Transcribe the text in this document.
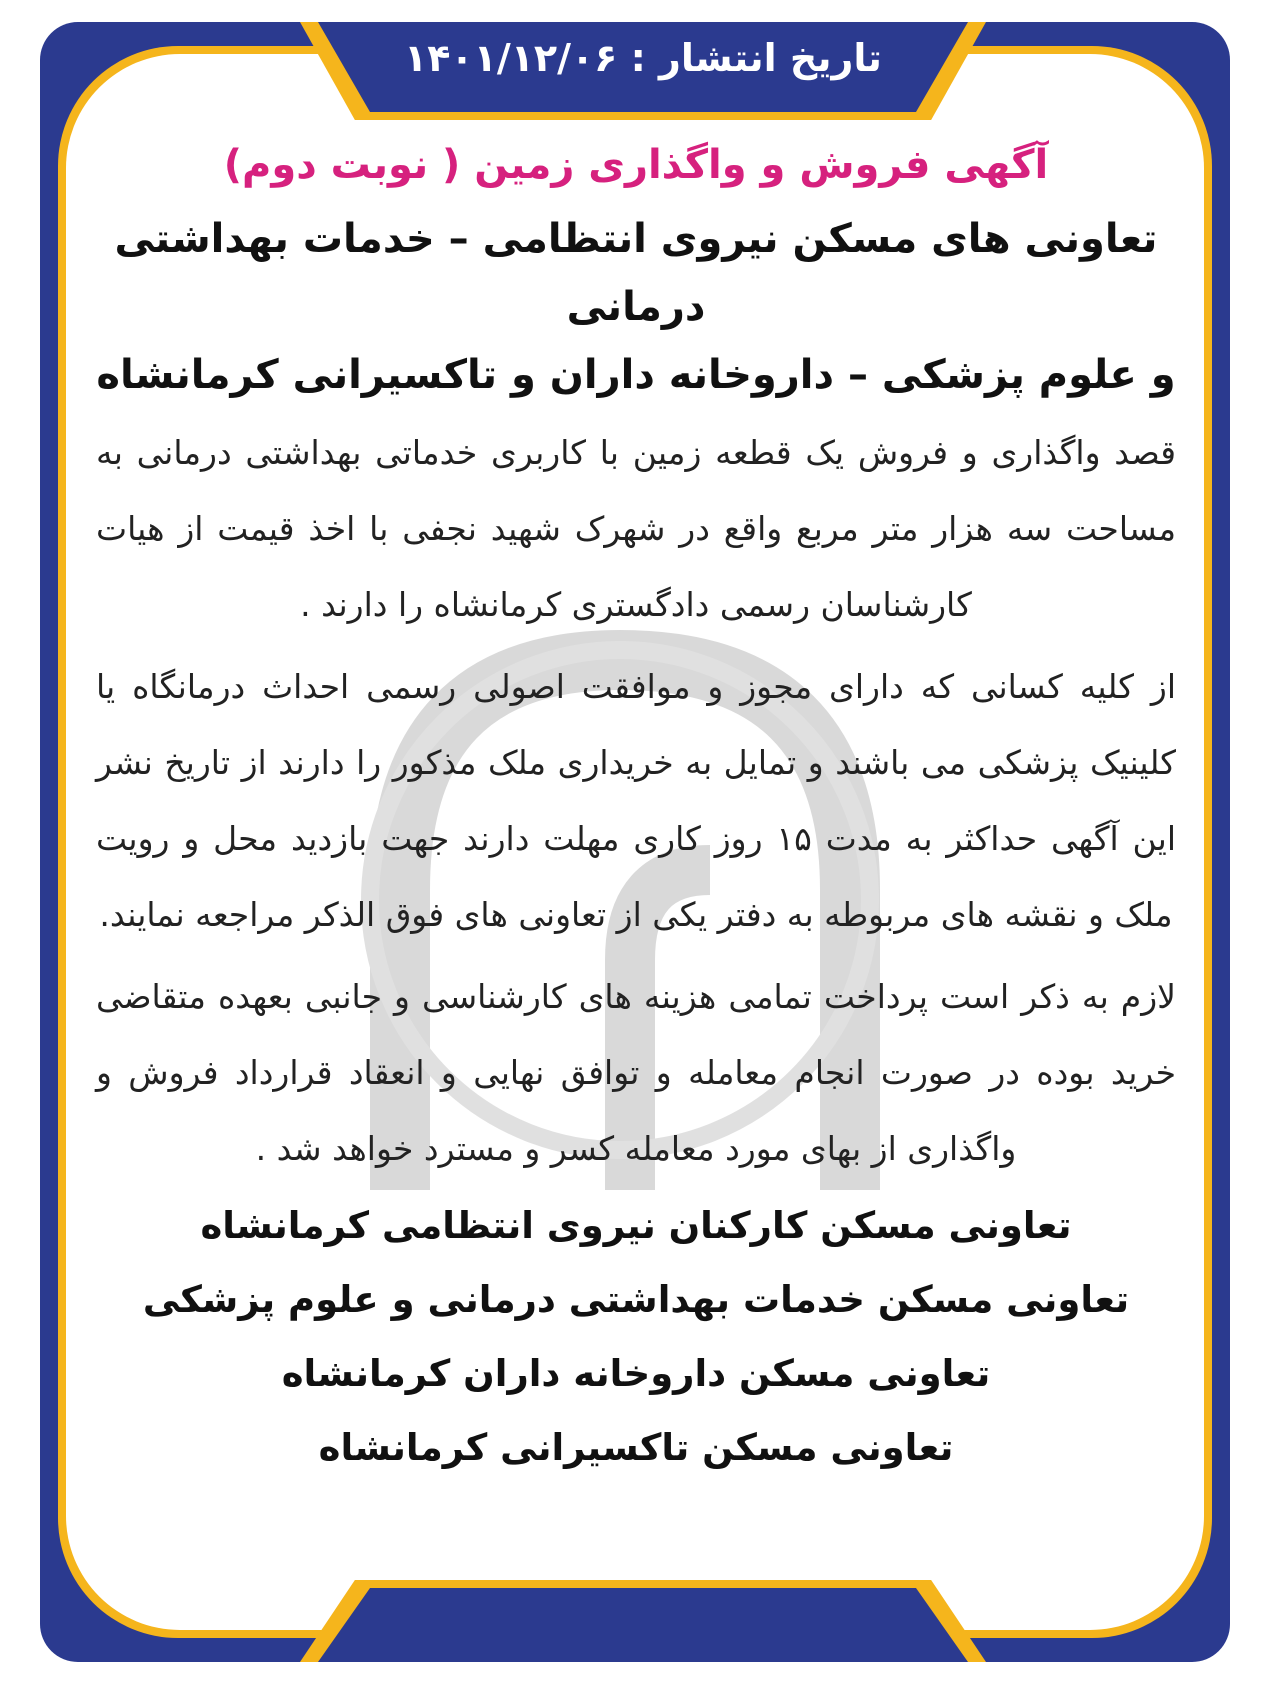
تاریخ انتشار : ۱۴۰۱/۱۲/۰۶

آگهی فروش و واگذاری زمین ( نوبت دوم)

تعاونی های مسکن نیروی انتظامی – خدمات بهداشتی درمانی

و علوم پزشکی – داروخانه داران و تاکسیرانی کرمانشاه

قصد واگذاری و فروش یک قطعه زمین با کاربری خدماتی بهداشتی درمانی به مساحت سه هزار متر مربع واقع در شهرک شهید نجفی با اخذ قیمت از هیات کارشناسان رسمی دادگستری کرمانشاه را دارند .

از کلیه کسانی که دارای مجوز و موافقت اصولی رسمی احداث درمانگاه یا کلینیک پزشکی می باشند و تمایل به خریداری ملک مذکور را دارند از تاریخ نشر این آگهی حداکثر به مدت ۱۵ روز کاری مهلت دارند جهت بازدید محل و رویت ملک و نقشه های مربوطه به دفتر یکی از تعاونی های فوق الذکر مراجعه نمایند.

لازم به ذکر است پرداخت تمامی هزینه های کارشناسی و جانبی بعهده متقاضی خرید بوده در صورت انجام معامله و توافق نهایی و انعقاد قرارداد فروش و واگذاری از بهای مورد معامله کسر و مسترد خواهد شد .

تعاونی مسکن کارکنان نیروی انتظامی کرمانشاه

تعاونی مسکن خدمات بهداشتی درمانی و علوم پزشکی

تعاونی مسکن داروخانه داران کرمانشاه

تعاونی مسکن تاکسیرانی کرمانشاه
